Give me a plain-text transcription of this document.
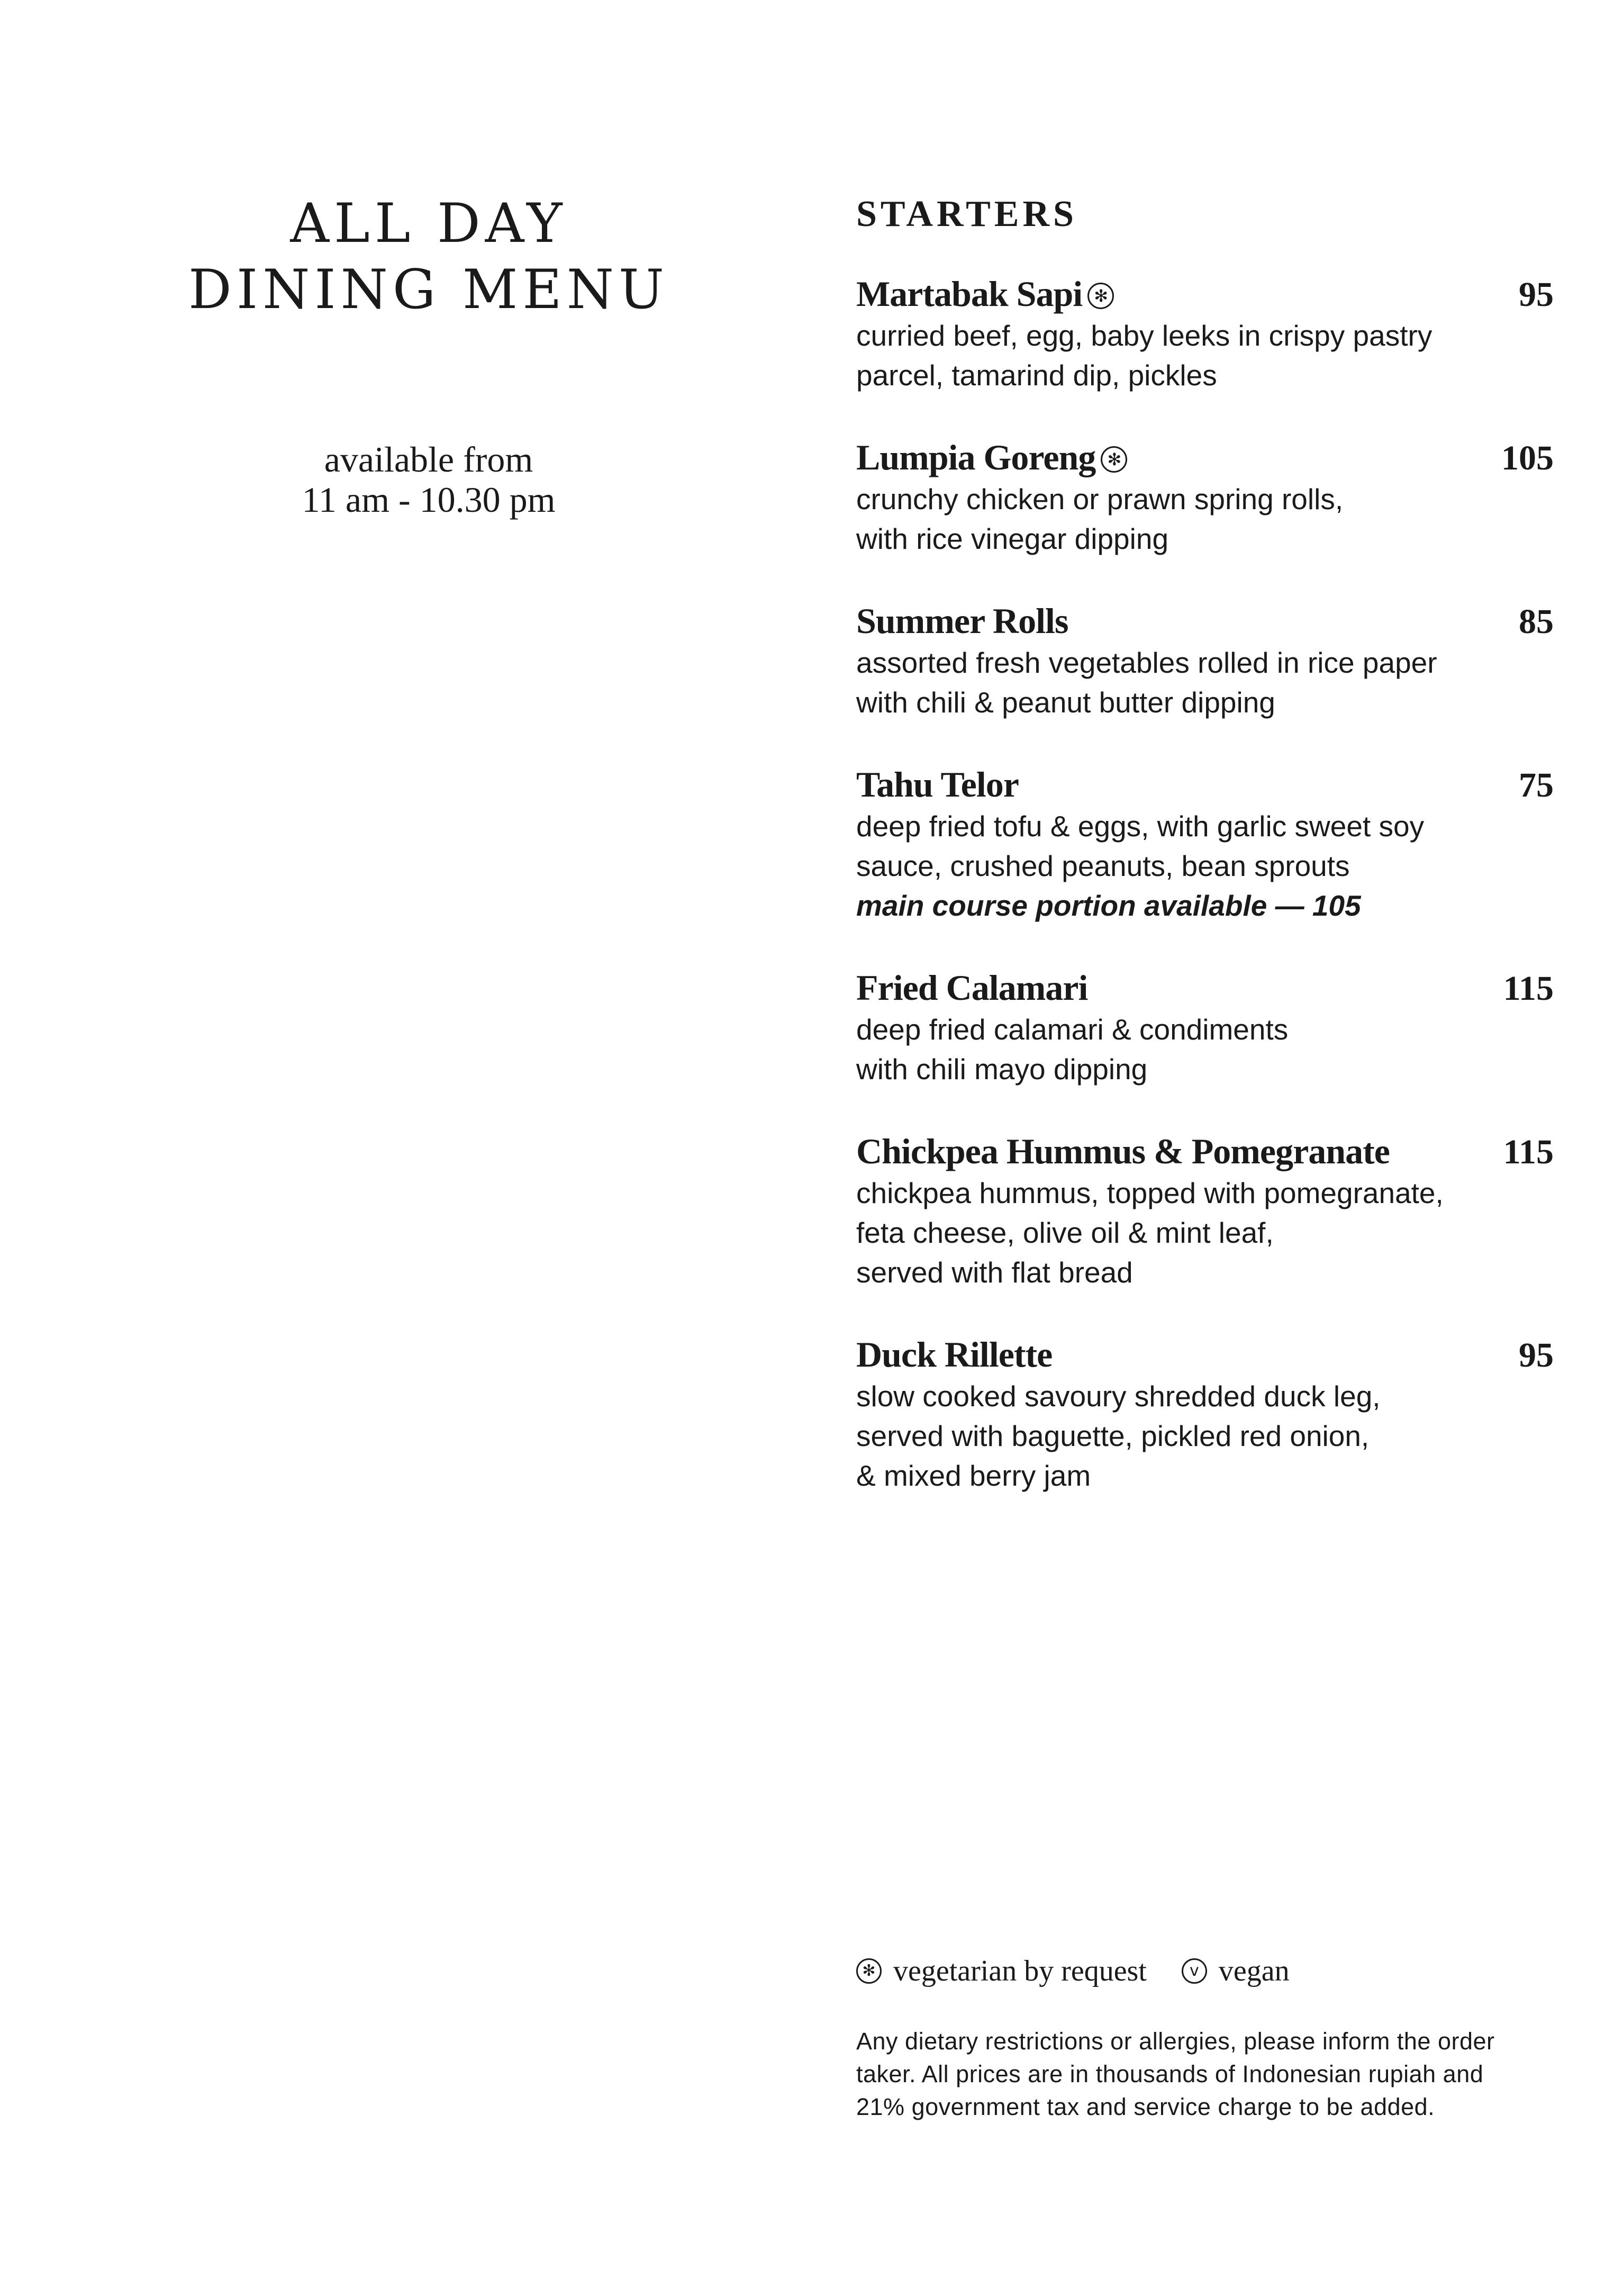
ALL DAY
DINING MENU
available from
11 am - 10.30 pm
STARTERS
Martabak Sapi ✻	95
curried beef, egg, baby leeks in crispy pastry
parcel, tamarind dip, pickles
Lumpia Goreng ✻	105
crunchy chicken or prawn spring rolls,
with rice vinegar dipping
Summer Rolls	85
assorted fresh vegetables rolled in rice paper
with chili & peanut butter dipping
Tahu Telor	75
deep fried tofu & eggs, with garlic sweet soy
sauce, crushed peanuts, bean sprouts
main course portion available — 105
Fried Calamari	115
deep fried calamari & condiments
with chili mayo dipping
Chickpea Hummus & Pomegranate	115
chickpea hummus, topped with pomegranate,
feta cheese, olive oil & mint leaf,
served with flat bread
Duck Rillette	95
slow cooked savoury shredded duck leg,
served with baguette, pickled red onion,
& mixed berry jam
✻ vegetarian by request	v vegan
Any dietary restrictions or allergies, please inform the order
taker. All prices are in thousands of Indonesian rupiah and
21% government tax and service charge to be added.
